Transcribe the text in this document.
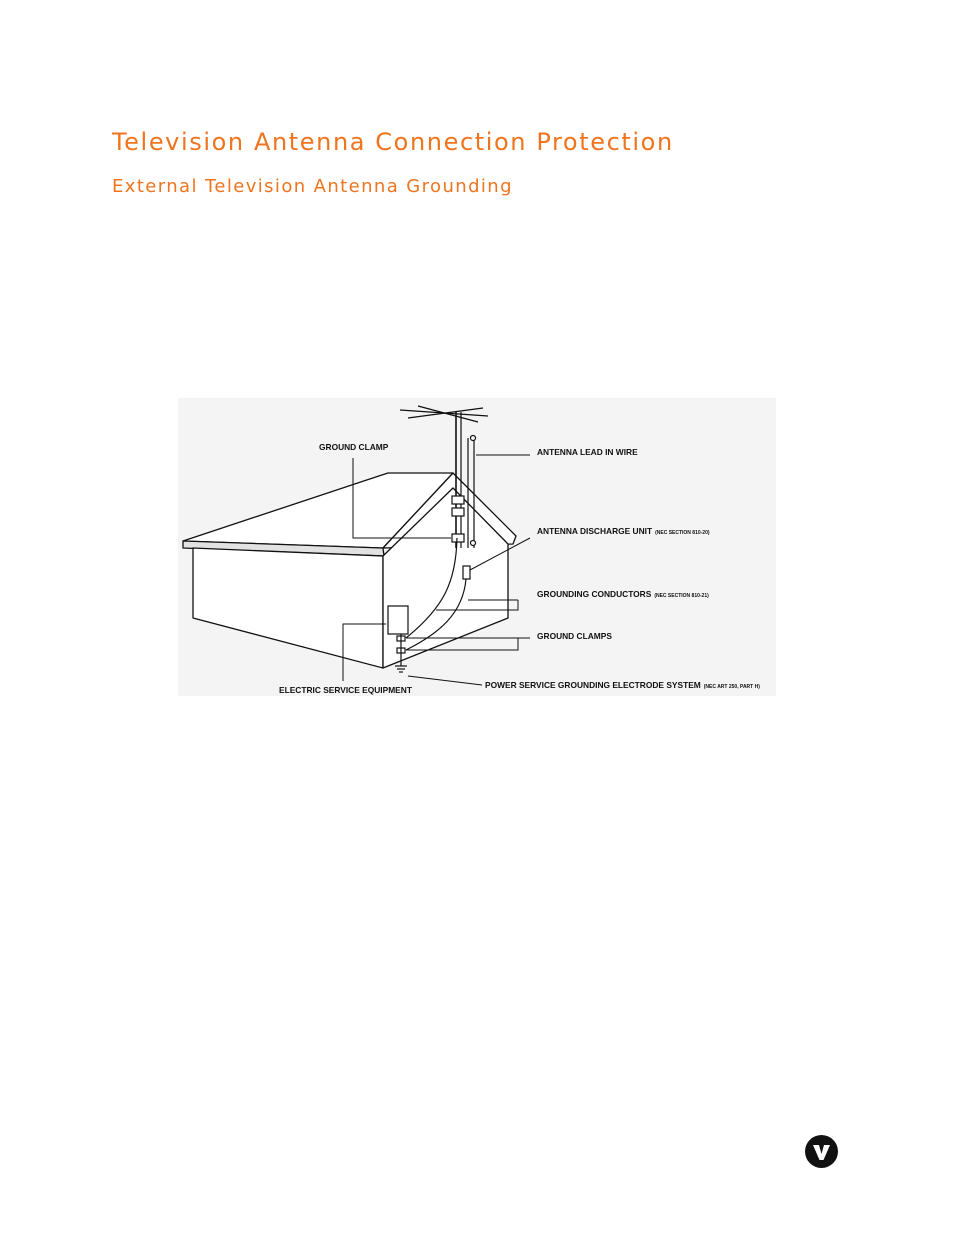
Television Antenna Connection Protection
External Television Antenna Grounding
GROUND CLAMP	ANTENNA LEAD IN WIRE
ANTENNA DISCHARGE UNIT (NEC SECTION 810-20)
GROUNDING CONDUCTORS (NEC SECTION 810-21)
GROUND CLAMPS
ELECTRIC SERVICE EQUIPMENT	POWER SERVICE GROUNDING ELECTRODE SYSTEM (NEC ART 250, PART H)
